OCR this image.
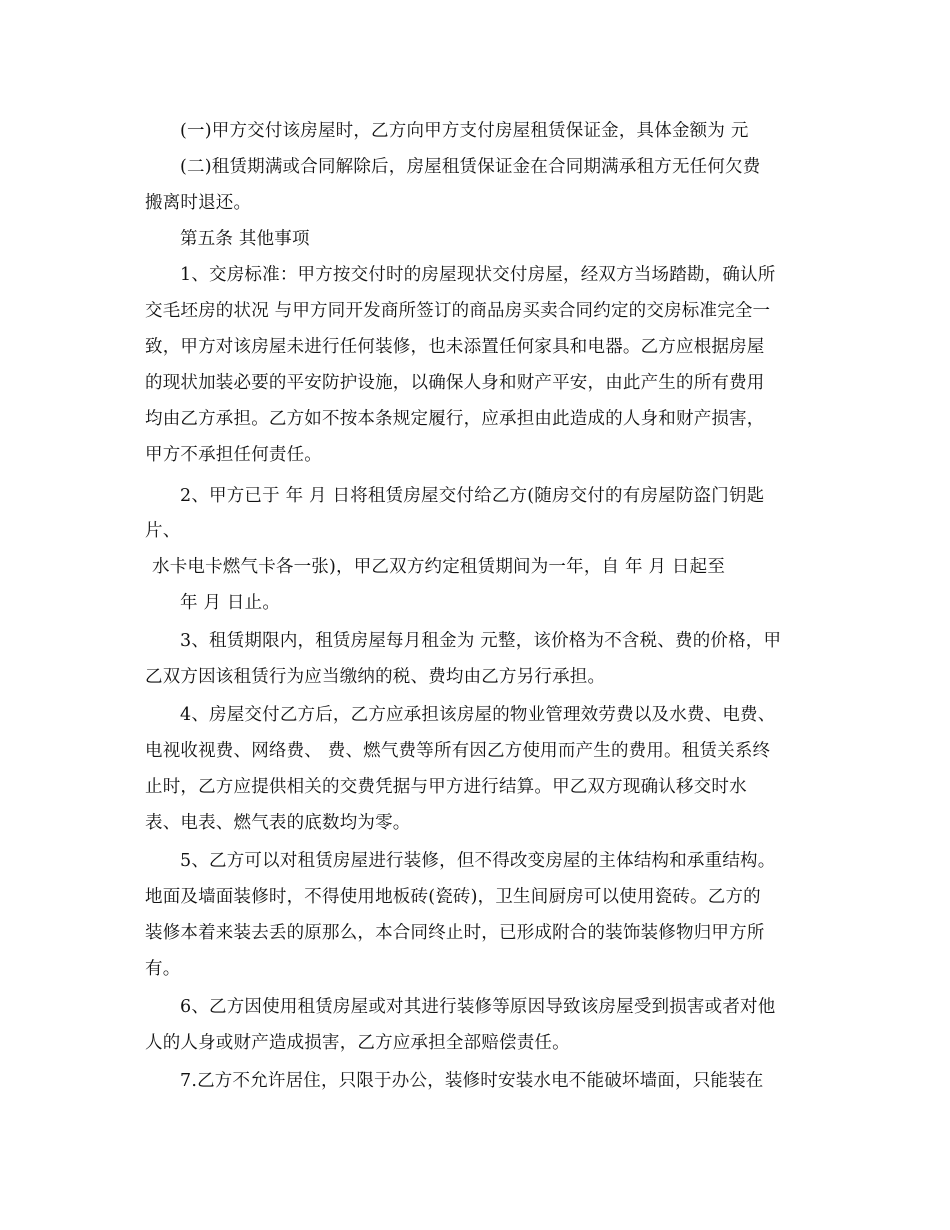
(一)甲方交付该房屋时，乙方向甲方支付房屋租赁保证金，具体金额为 元
(二)租赁期满或合同解除后，房屋租赁保证金在合同期满承租方无任何欠费
搬离时退还。
第五条 其他事项
1、交房标准：甲方按交付时的房屋现状交付房屋，经双方当场踏勘，确认所
交毛坯房的状况 与甲方同开发商所签订的商品房买卖合同约定的交房标准完全一
致，甲方对该房屋未进行任何装修，也未添置任何家具和电器。乙方应根据房屋
的现状加装必要的平安防护设施，以确保人身和财产平安，由此产生的所有费用
均由乙方承担。乙方如不按本条规定履行，应承担由此造成的人身和财产损害，
甲方不承担任何责任。
2、甲方已于 年 月 日将租赁房屋交付给乙方(随房交付的有房屋防盗门钥匙
片、
水卡电卡燃气卡各一张)，甲乙双方约定租赁期间为一年，自 年 月 日起至
年 月 日止。
3、租赁期限内，租赁房屋每月租金为 元整，该价格为不含税、费的价格，甲
乙双方因该租赁行为应当缴纳的税、费均由乙方另行承担。
4、房屋交付乙方后，乙方应承担该房屋的物业管理效劳费以及水费、电费、
电视收视费、网络费、 费、燃气费等所有因乙方使用而产生的费用。租赁关系终
止时，乙方应提供相关的交费凭据与甲方进行结算。甲乙双方现确认移交时水
表、电表、燃气表的底数均为零。
5、乙方可以对租赁房屋进行装修，但不得改变房屋的主体结构和承重结构。
地面及墙面装修时，不得使用地板砖(瓷砖)，卫生间厨房可以使用瓷砖。乙方的
装修本着来装去丢的原那么，本合同终止时，已形成附合的装饰装修物归甲方所
有。
6、乙方因使用租赁房屋或对其进行装修等原因导致该房屋受到损害或者对他
人的人身或财产造成损害，乙方应承担全部赔偿责任。
7.乙方不允许居住，只限于办公，装修时安装水电不能破坏墙面，只能装在
